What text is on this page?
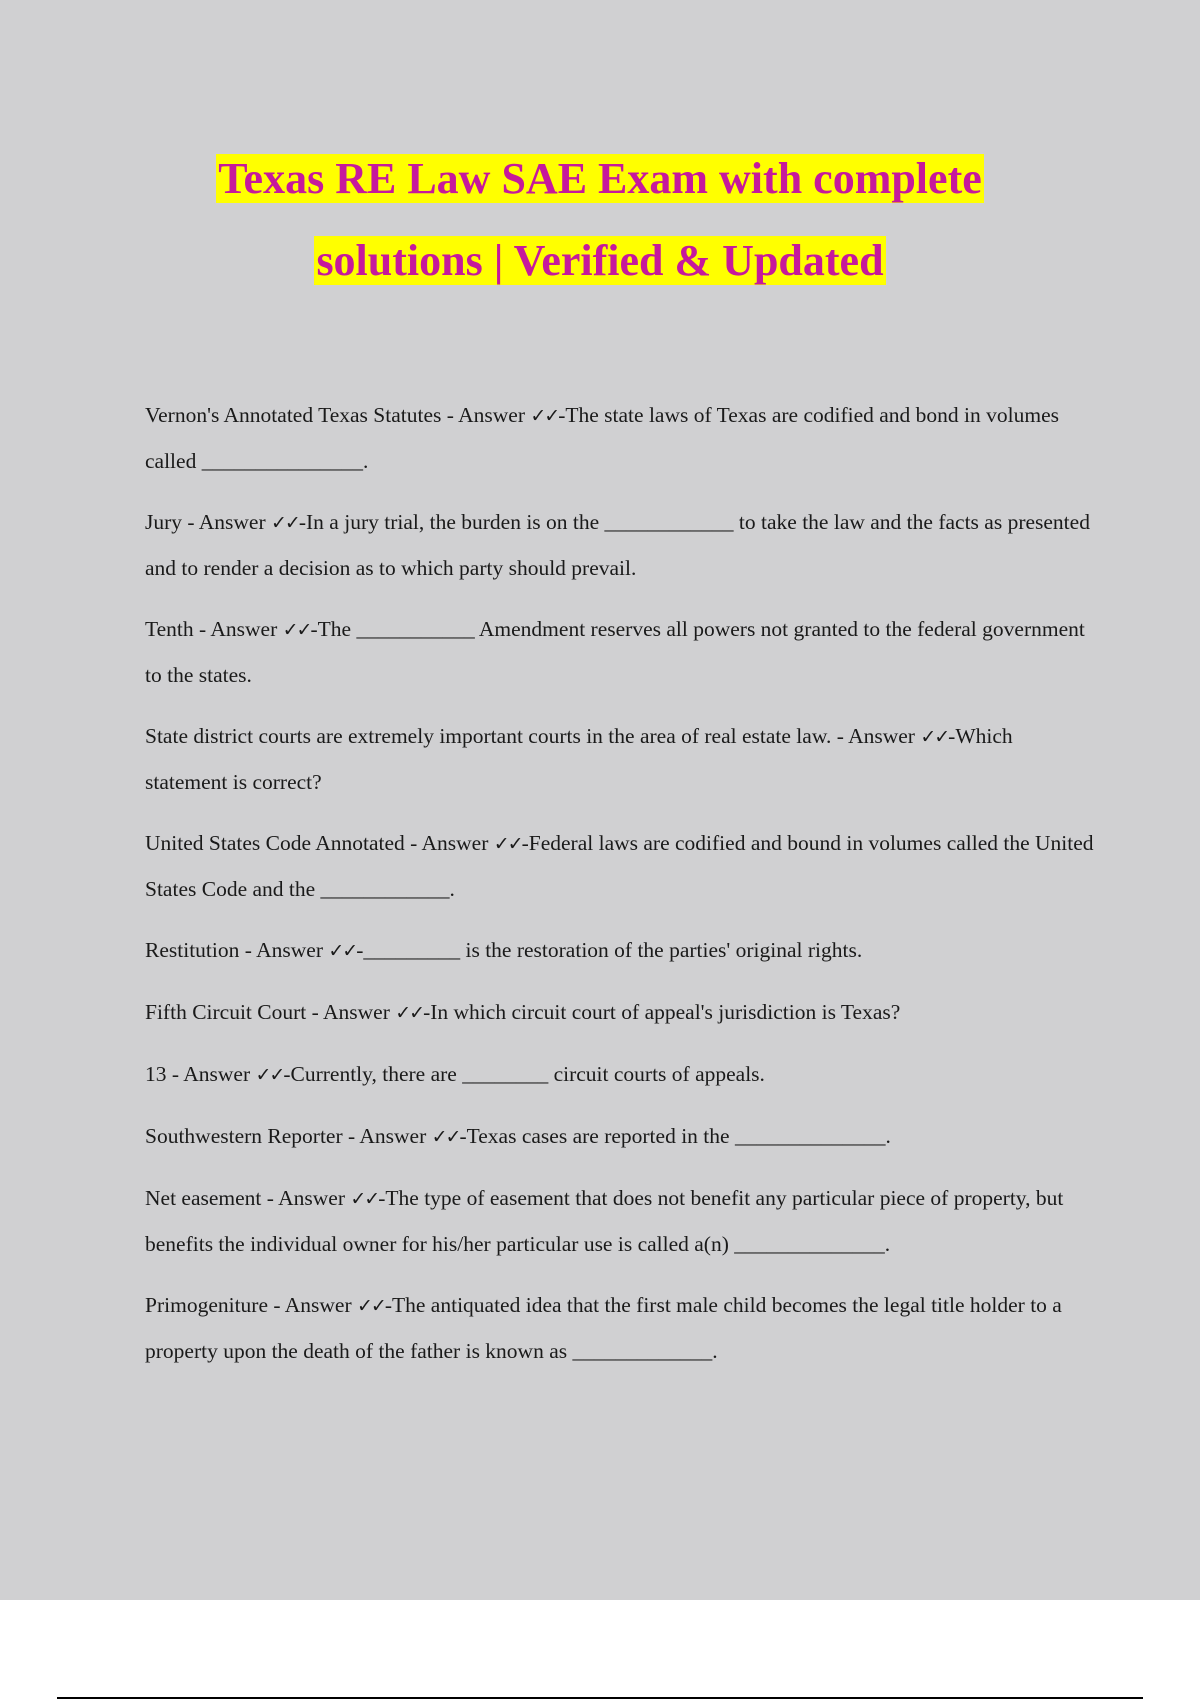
Texas RE Law SAE Exam with complete
solutions | Verified & Updated
Vernon's Annotated Texas Statutes - Answer ✓✓-The state laws of Texas are codified and bond in volumes called _______________.
Jury - Answer ✓✓-In a jury trial, the burden is on the ____________ to take the law and the facts as presented and to render a decision as to which party should prevail.
Tenth - Answer ✓✓-The ___________ Amendment reserves all powers not granted to the federal government to the states.
State district courts are extremely important courts in the area of real estate law. - Answer ✓✓-Which statement is correct?
United States Code Annotated - Answer ✓✓-Federal laws are codified and bound in volumes called the United States Code and the ____________.
Restitution - Answer ✓✓-_________ is the restoration of the parties' original rights.
Fifth Circuit Court - Answer ✓✓-In which circuit court of appeal's jurisdiction is Texas?
13 - Answer ✓✓-Currently, there are ________ circuit courts of appeals.
Southwestern Reporter - Answer ✓✓-Texas cases are reported in the ______________.
Net easement - Answer ✓✓-The type of easement that does not benefit any particular piece of property, but benefits the individual owner for his/her particular use is called a(n) ______________.
Primogeniture - Answer ✓✓-The antiquated idea that the first male child becomes the legal title holder to a property upon the death of the father is known as _____________.
